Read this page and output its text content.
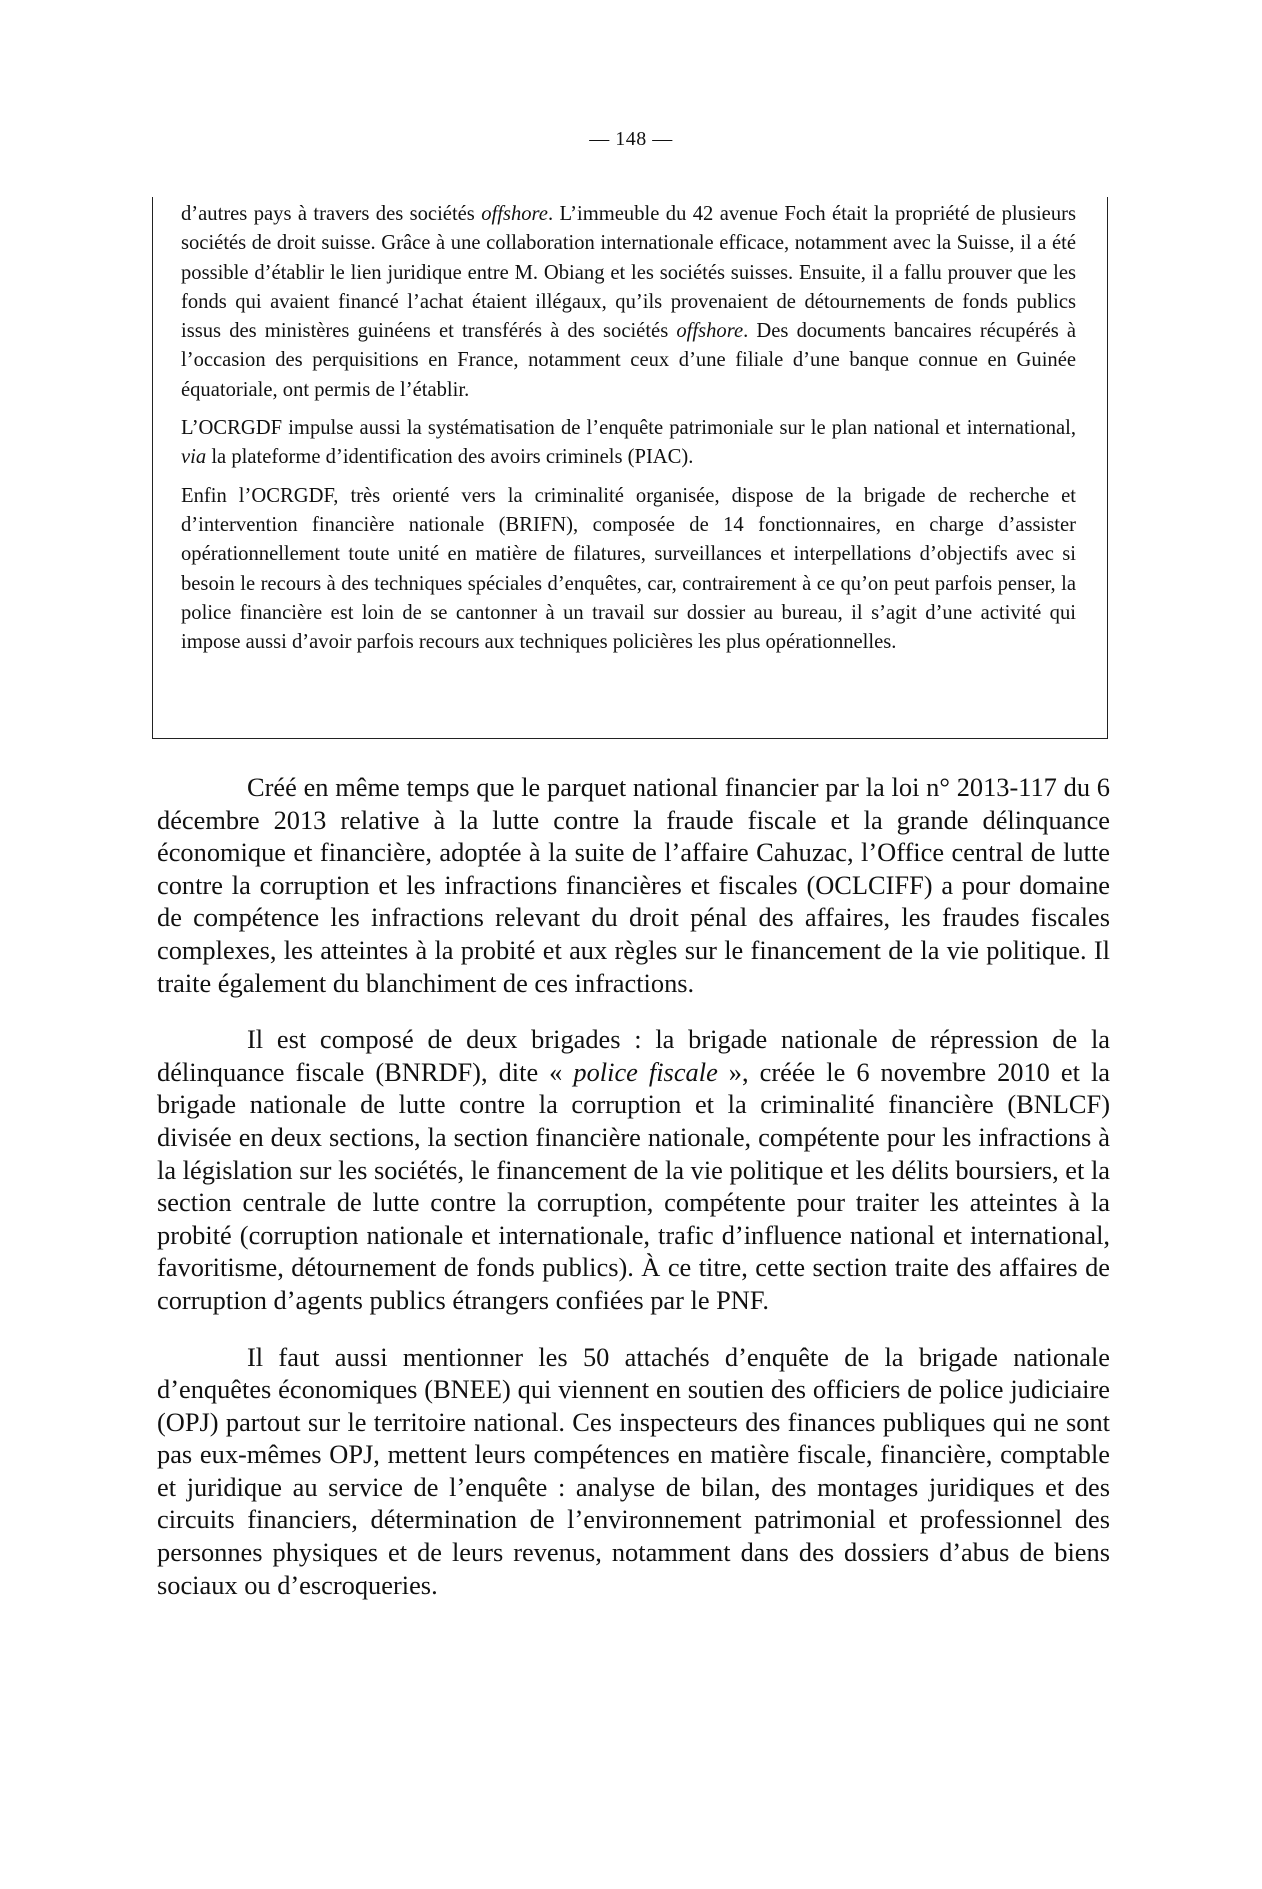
— 148 —

d’autres pays à travers des sociétés offshore. L’immeuble du 42 avenue Foch était la propriété de plusieurs sociétés de droit suisse. Grâce à une collaboration internationale efficace, notamment avec la Suisse, il a été possible d’établir le lien juridique entre M. Obiang et les sociétés suisses. Ensuite, il a fallu prouver que les fonds qui avaient financé l’achat étaient illégaux, qu’ils provenaient de détournements de fonds publics issus des ministères guinéens et transférés à des sociétés offshore. Des documents bancaires récupérés à l’occasion des perquisitions en France, notamment ceux d’une filiale d’une banque connue en Guinée équatoriale, ont permis de l’établir.

L’OCRGDF impulse aussi la systématisation de l’enquête patrimoniale sur le plan national et international, via la plateforme d’identification des avoirs criminels (PIAC).

Enfin l’OCRGDF, très orienté vers la criminalité organisée, dispose de la brigade de recherche et d’intervention financière nationale (BRIFN), composée de 14 fonctionnaires, en charge d’assister opérationnellement toute unité en matière de filatures, surveillances et interpellations d’objectifs avec si besoin le recours à des techniques spéciales d’enquêtes, car, contrairement à ce qu’on peut parfois penser, la police financière est loin de se cantonner à un travail sur dossier au bureau, il s’agit d’une activité qui impose aussi d’avoir parfois recours aux techniques policières les plus opérationnelles.

Créé en même temps que le parquet national financier par la loi n° 2013-117 du 6 décembre 2013 relative à la lutte contre la fraude fiscale et la grande délinquance économique et financière, adoptée à la suite de l’affaire Cahuzac, l’Office central de lutte contre la corruption et les infractions financières et fiscales (OCLCIFF) a pour domaine de compétence les infractions relevant du droit pénal des affaires, les fraudes fiscales complexes, les atteintes à la probité et aux règles sur le financement de la vie politique. Il traite également du blanchiment de ces infractions.

Il est composé de deux brigades : la brigade nationale de répression de la délinquance fiscale (BNRDF), dite « police fiscale », créée le 6 novembre 2010 et la brigade nationale de lutte contre la corruption et la criminalité financière (BNLCF) divisée en deux sections, la section financière nationale, compétente pour les infractions à la législation sur les sociétés, le financement de la vie politique et les délits boursiers, et la section centrale de lutte contre la corruption, compétente pour traiter les atteintes à la probité (corruption nationale et internationale, trafic d’influence national et international, favoritisme, détournement de fonds publics). À ce titre, cette section traite des affaires de corruption d’agents publics étrangers confiées par le PNF.

Il faut aussi mentionner les 50 attachés d’enquête de la brigade nationale d’enquêtes économiques (BNEE) qui viennent en soutien des officiers de police judiciaire (OPJ) partout sur le territoire national. Ces inspecteurs des finances publiques qui ne sont pas eux-mêmes OPJ, mettent leurs compétences en matière fiscale, financière, comptable et juridique au service de l’enquête : analyse de bilan, des montages juridiques et des circuits financiers, détermination de l’environnement patrimonial et professionnel des personnes physiques et de leurs revenus, notamment dans des dossiers d’abus de biens sociaux ou d’escroqueries.
